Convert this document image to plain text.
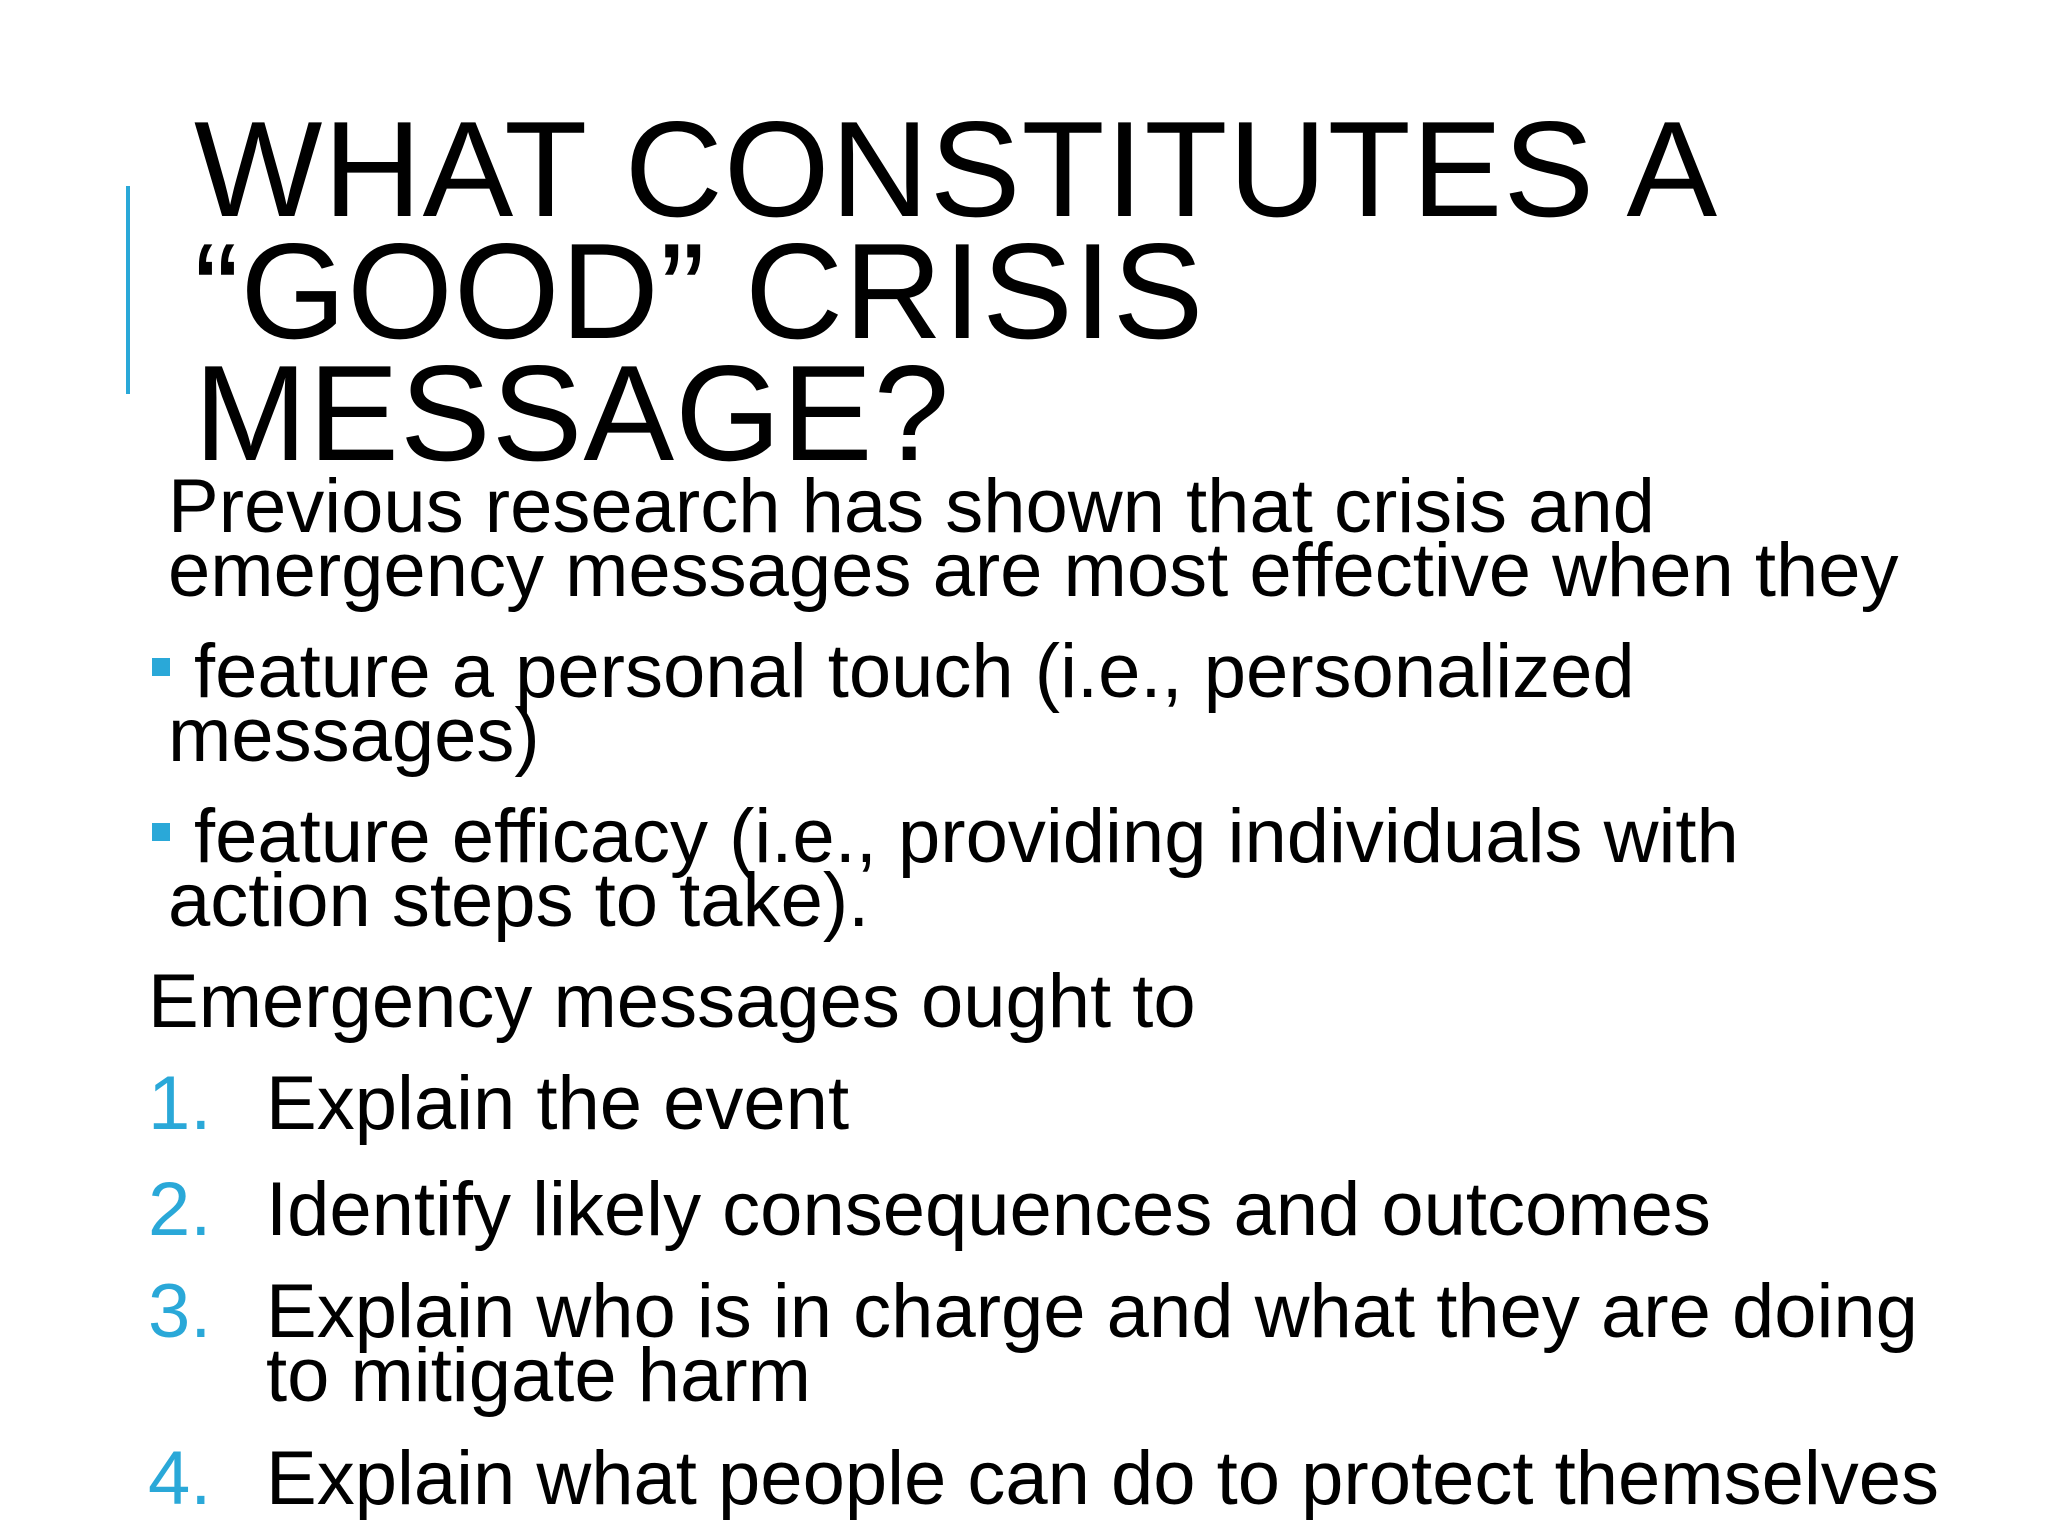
WHAT CONSTITUTES A
“GOOD” CRISIS
MESSAGE?
Previous research has shown that crisis and
emergency messages are most effective when they
feature a personal touch (i.e., personalized
messages)
feature efficacy (i.e., providing individuals with
action steps to take).
Emergency messages ought to
1. Explain the event
2. Identify likely consequences and outcomes
3. Explain who is in charge and what they are doing
to mitigate harm
4. Explain what people can do to protect themselves
